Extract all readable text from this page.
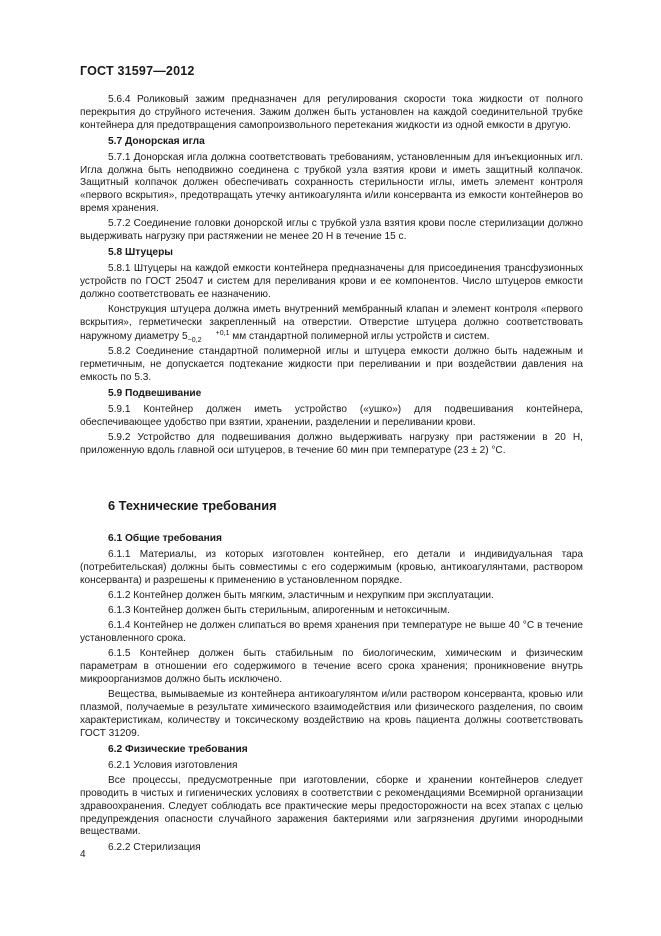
ГОСТ 31597—2012

5.6.4 Роликовый зажим предназначен для регулирования скорости тока жидкости от полного перекрытия до струйного истечения. Зажим должен быть установлен на каждой соединительной трубке контейнера для предотвращения самопроизвольного перетекания жидкости из одной емкости в другую.

5.7 Донорская игла

5.7.1 Донорская игла должна соответствовать требованиям, установленным для инъекционных игл. Игла должна быть неподвижно соединена с трубкой узла взятия крови и иметь защитный колпачок. Защитный колпачок должен обеспечивать сохранность стерильности иглы, иметь элемент контроля «первого вскрытия», предотвращать утечку антикоагулянта и/или консерванта из емкости контейнеров во время хранения.

5.7.2 Соединение головки донорской иглы с трубкой узла взятия крови после стерилизации должно выдерживать нагрузку при растяжении не менее 20 Н в течение 15 с.

5.8 Штуцеры

5.8.1 Штуцеры на каждой емкости контейнера предназначены для присоединения трансфузионных устройств по ГОСТ 25047 и систем для переливания крови и ее компонентов. Число штуцеров емкости должно соответствовать ее назначению.

Конструкция штуцера должна иметь внутренний мембранный клапан и элемент контроля «первого вскрытия», герметически закрепленный на отверстии. Отверстие штуцера должно соответствовать наружному диаметру 5	+0,1
−0,2	мм стандартной полимерной иглы устройств и систем.

5.8.2 Соединение стандартной полимерной иглы и штуцера емкости должно быть надежным и герметичным, не допускается подтекание жидкости при переливании и при воздействии давления на емкость по 5.3.

5.9 Подвешивание

5.9.1 Контейнер должен иметь устройство («ушко») для подвешивания контейнера, обеспечивающее удобство при взятии, хранении, разделении и переливании крови.

5.9.2 Устройство для подвешивания должно выдерживать нагрузку при растяжении в 20 Н, приложенную вдоль главной оси штуцеров, в течение 60 мин при температуре (23 ± 2) °С.

6 Технические требования
6.1 Общие требования

6.1.1 Материалы, из которых изготовлен контейнер, его детали и индивидуальная тара (потребительская) должны быть совместимы с его содержимым (кровью, антикоагулянтами, раствором консерванта) и разрешены к применению в установленном порядке.

6.1.2 Контейнер должен быть мягким, эластичным и нехрупким при эксплуатации.

6.1.3 Контейнер должен быть стерильным, апирогенным и нетоксичным.

6.1.4 Контейнер не должен слипаться во время хранения при температуре не выше 40 °С в течение установленного срока.

6.1.5 Контейнер должен быть стабильным по биологическим, химическим и физическим параметрам в отношении его содержимого в течение всего срока хранения; проникновение внутрь микроорганизмов должно быть исключено.

Вещества, вымываемые из контейнера антикоагулянтом и/или раствором консерванта, кровью или плазмой, получаемые в результате химического взаимодействия или физического разделения, по своим характеристикам, количеству и токсическому воздействию на кровь пациента должны соответствовать ГОСТ 31209.

6.2 Физические требования

6.2.1 Условия изготовления

Все процессы, предусмотренные при изготовлении, сборке и хранении контейнеров следует проводить в чистых и гигиенических условиях в соответствии с рекомендациями Всемирной организации здравоохранения. Следует соблюдать все практические меры предосторожности на всех этапах с целью предупреждения опасности случайного заражения бактериями или загрязнения другими инородными веществами.

6.2.2 Стерилизация

4
